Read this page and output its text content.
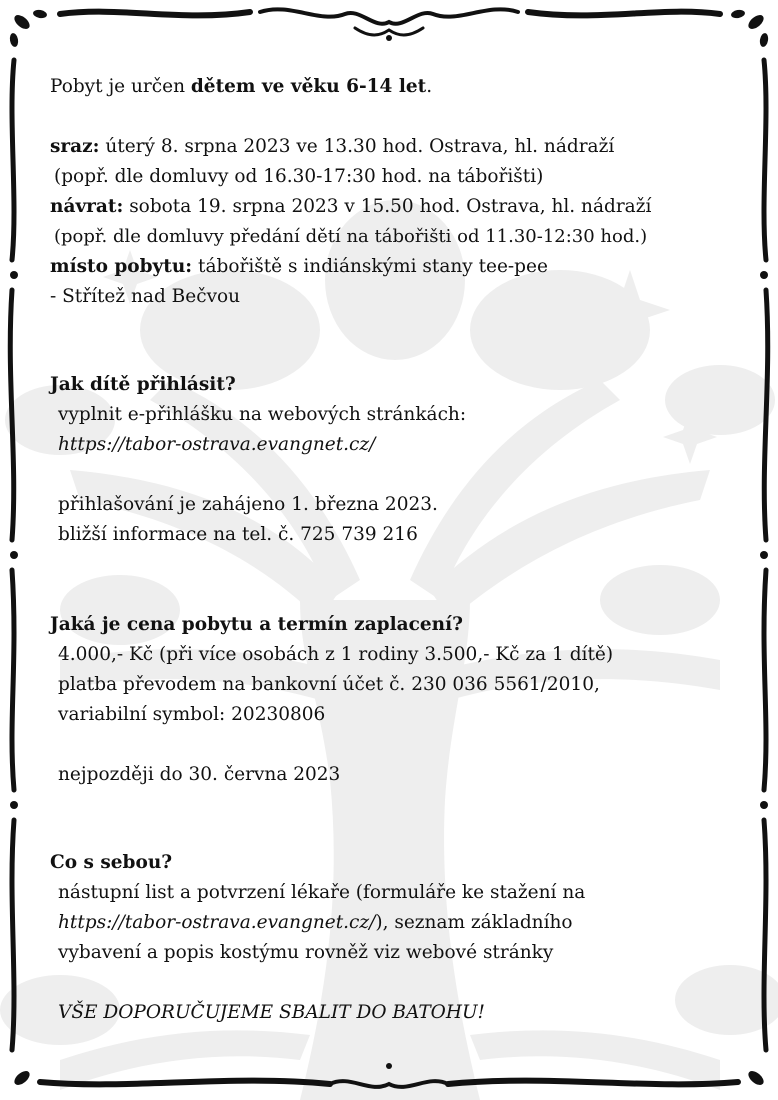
Pobyt je určen dětem ve věku 6-14 let.
sraz: úterý 8. srpna 2023 ve 13.30 hod. Ostrava, hl. nádraží
(popř. dle domluvy od 16.30-17:30 hod. na tábořišti)
návrat: sobota 19. srpna 2023 v 15.50 hod. Ostrava, hl. nádraží
(popř. dle domluvy předání dětí na tábořišti od 11.30-12:30 hod.)
místo pobytu: tábořiště s indiánskými stany tee-pee
- Střítež nad Bečvou
Jak dítě přihlásit?
vyplnit e-přihlášku na webových stránkách:
https://tabor-ostrava.evangnet.cz/
přihlašování je zahájeno 1. března 2023.
bližší informace na tel. č. 725 739 216
Jaká je cena pobytu a termín zaplacení?
4.000,- Kč (při více osobách z 1 rodiny 3.500,- Kč za 1 dítě)
platba převodem na bankovní účet č. 230 036 5561/2010,
variabilní symbol: 20230806
nejpozději do 30. června 2023
Co s sebou?
nástupní list a potvrzení lékaře (formuláře ke stažení na
https://tabor-ostrava.evangnet.cz/), seznam základního
vybavení a popis kostýmu rovněž viz webové stránky
VŠE DOPORUČUJEME SBALIT DO BATOHU!
